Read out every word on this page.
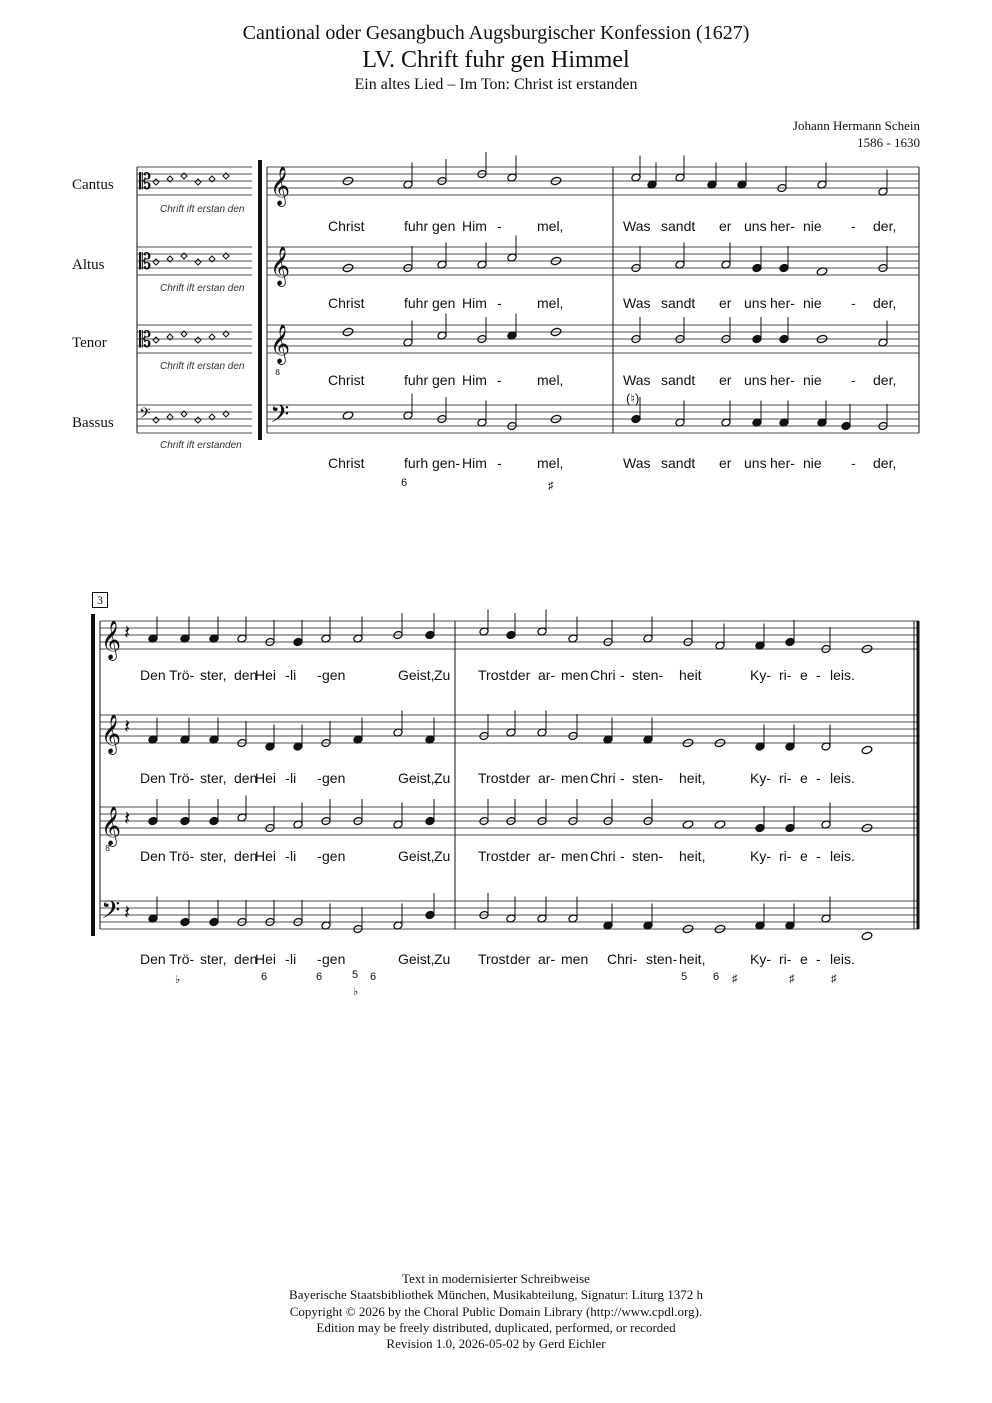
Cantional oder Gesangbuch Augsburgischer Konfession (1627)
LV. Chrift fuhr gen Himmel
Ein altes Lied – Im Ton: Christ ist erstanden
Johann Hermann Schein
1586 - 1630
Cantus
Altus
Tenor
Bassus
Chrift ift erstan den
Chrift ift erstan den
Chrift ift erstan den
Chrift ift erstanden
𝄞
𝄞
𝄞
𝄢
𝄞
𝄞
𝄞
𝄢
8
8
𝄡
𝄡
𝄡
𝄢
𝄽
𝄽
𝄽
𝄽
Christ	fuhr gen Him -	mel,	Was sandt er uns her- nie - der,
Christ	fuhr gen Him -	mel,	Was sandt er uns her- nie - der,
Christ	fuhr gen Him -	mel,	Was sandt er uns her- nie - der,
Christ	furh gen- Him -	mel,	Was sandt er uns her- nie - der,
6	♯
(♮)
3
Den Trö- ster, den
Hei - li - gen	Geist, Zu Trost der ar- men Chri - sten- heit	Ky- ri- e - leis.
Den Trö- ster, den
Hei - li - gen	Geist,,
Zu Trost der ar- men Chri - sten- heit,	Ky- ri- e - leis.
Den Trö- ster, den
Hei - li - gen	Geist, Zu Trost der ar- men Chri - sten- heit,	Ky- ri- e - leis.
Den Trö- ster, den
Hei - li - gen	Geist, Zu Trost der ar- men Chri- sten- heit,	Ky- ri- e - leis.
♭	6	6	5
♭
6	5 6 ♯	♯	♯
Text in modernisierter Schreibweise
Bayerische Staatsbibliothek München, Musikabteilung, Signatur: Liturg 1372 h
Copyright © 2026 by the Choral Public Domain Library (http://www.cpdl.org).
Edition may be freely distributed, duplicated, performed, or recorded
Revision 1.0, 2026-05-02 by Gerd Eichler
